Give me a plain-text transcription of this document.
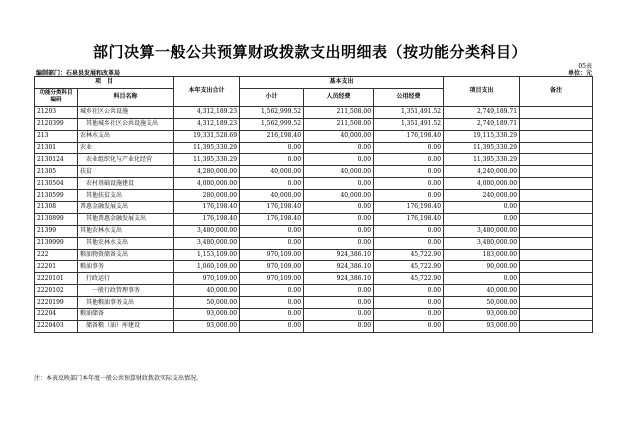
部门决算一般公共预算财政拨款支出明细表（按功能分类科目）
05表
编制部门：石泉县发展和改革局	单位：元
项　目		本年支出合计	基本支出			项目支出	备注
功能分类科目编码	科目名称		小计	人员经费	公用经费		
21203	城乡社区公共设施	4,312,189.23	1,562,999.52	211,508.00	1,351,491.52	2,749,189.71	
2120399	其他城乡社区公共设施支出	4,312,189.23	1,562,999.52	211,508.00	1,351,491.52	2,749,189.71	
213	农林水支出	19,331,528.69	216,198.40	40,000.00	176,198.40	19,115,330.29	
21301	农业	11,395,330.29	0.00	0.00	0.00	11,395,330.29	
2130124	农业组织化与产业化经营	11,395,330.29	0.00	0.00	0.00	11,395,330.29	
21305	扶贫	4,280,000.00	40,000.00	40,000.00	0.00	4,240,000.00	
2130504	农村基础设施建设	4,000,000.00	0.00	0.00	0.00	4,000,000.00	
2130599	其他扶贫支出	280,000.00	40,000.00	40,000.00	0.00	240,000.00	
21308	普惠金融发展支出	176,198.40	176,198.40	0.00	176,198.40	0.00	
2130899	其他普惠金融发展支出	176,198.40	176,198.40	0.00	176,198.40	0.00	
21399	其他农林水支出	3,480,000.00	0.00	0.00	0.00	3,480,000.00	
2139999	其他农林水支出	3,480,000.00	0.00	0.00	0.00	3,480,000.00	
222	粮油物资储备支出	1,153,109.00	970,109.00	924,386.10	45,722.90	183,000.00	
22201	粮油事务	1,060,109.00	970,109.00	924,386.10	45,722.90	90,000.00	
2220101	行政运行	970,109.00	970,109.00	924,386.10	45,722.90	0.00	
2220102	一般行政管理事务	40,000.00	0.00	0.00	0.00	40,000.00	
2220199	其他粮油事务支出	50,000.00	0.00	0.00	0.00	50,000.00	
22204	粮油储备	93,000.00	0.00	0.00	0.00	93,000.00	
2220403	储备粮（油）库建设	93,000.00	0.00	0.00	0.00	93,000.00	
注：本表反映部门本年度一般公共预算财政拨款实际支出情况。
